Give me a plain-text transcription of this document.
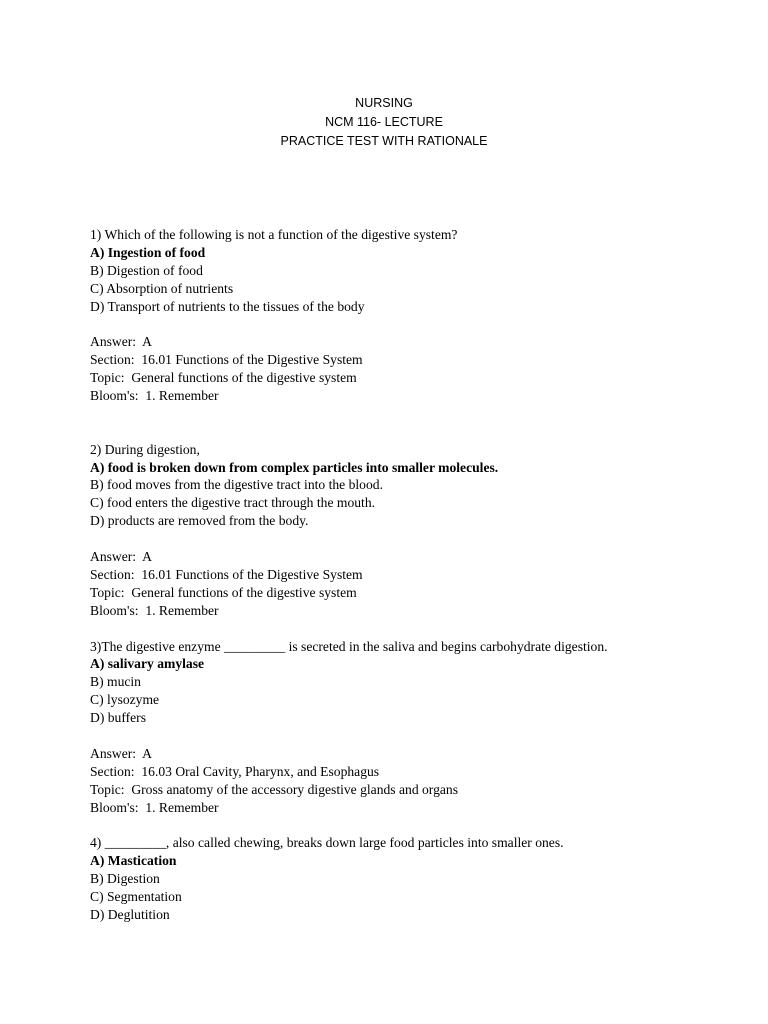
NURSING
NCM 116- LECTURE
PRACTICE TEST WITH RATIONALE
1) Which of the following is not a function of the digestive system?
A) Ingestion of food
B) Digestion of food
C) Absorption of nutrients
D) Transport of nutrients to the tissues of the body
Answer:  A
Section:  16.01 Functions of the Digestive System
Topic:  General functions of the digestive system
Bloom's:  1. Remember
2) During digestion,
A) food is broken down from complex particles into smaller molecules.
B) food moves from the digestive tract into the blood.
C) food enters the digestive tract through the mouth.
D) products are removed from the body.
Answer:  A
Section:  16.01 Functions of the Digestive System
Topic:  General functions of the digestive system
Bloom's:  1. Remember
3)The digestive enzyme _________ is secreted in the saliva and begins carbohydrate digestion.
A) salivary amylase
B) mucin
C) lysozyme
D) buffers
Answer:  A
Section:  16.03 Oral Cavity, Pharynx, and Esophagus
Topic:  Gross anatomy of the accessory digestive glands and organs
Bloom's:  1. Remember
4) _________, also called chewing, breaks down large food particles into smaller ones.
A) Mastication
B) Digestion
C) Segmentation
D) Deglutition
